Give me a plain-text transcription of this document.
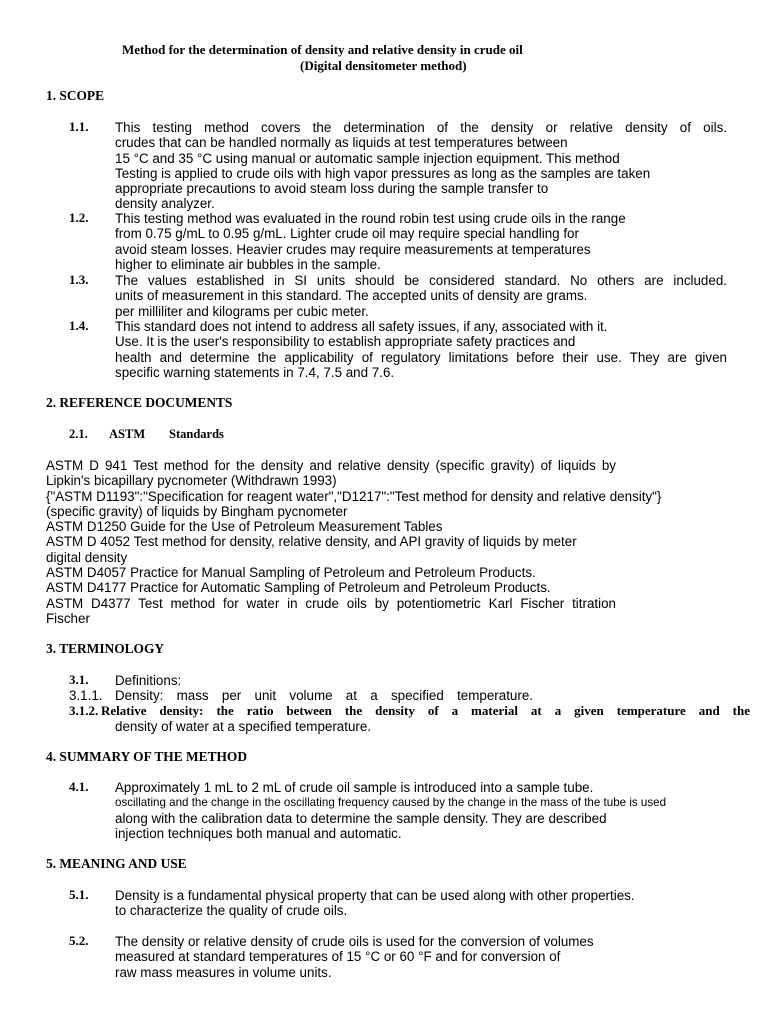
Method for the determination of density and relative density in crude oil
(Digital densitometer method)
1. SCOPE
1.1. This testing method covers the determination of the density or relative density of oils.
crudes that can be handled normally as liquids at test temperatures between
15 °C and 35 °C using manual or automatic sample injection equipment. This method
Testing is applied to crude oils with high vapor pressures as long as the samples are taken
appropriate precautions to avoid steam loss during the sample transfer to
density analyzer.
1.2. This testing method was evaluated in the round robin test using crude oils in the range
from 0.75 g/mL to 0.95 g/mL. Lighter crude oil may require special handling for
avoid steam losses. Heavier crudes may require measurements at temperatures
higher to eliminate air bubbles in the sample.
1.3. The values established in SI units should be considered standard. No others are included.
units of measurement in this standard. The accepted units of density are grams.
per milliliter and kilograms per cubic meter.
1.4. This standard does not intend to address all safety issues, if any, associated with it.
Use. It is the user's responsibility to establish appropriate safety practices and
health and determine the applicability of regulatory limitations before their use. They are given
specific warning statements in 7.4, 7.5 and 7.6.
2. REFERENCE DOCUMENTS
2.1. ASTM Standards
ASTM D 941 Test method for the density and relative density (specific gravity) of liquids by
Lipkin's bicapillary pycnometer (Withdrawn 1993)
{"ASTM D1193":"Specification for reagent water","D1217":"Test method for density and relative density"}
(specific gravity) of liquids by Bingham pycnometer
ASTM D1250 Guide for the Use of Petroleum Measurement Tables
ASTM D 4052 Test method for density, relative density, and API gravity of liquids by meter
digital density
ASTM D4057 Practice for Manual Sampling of Petroleum and Petroleum Products.
ASTM D4177 Practice for Automatic Sampling of Petroleum and Petroleum Products.
ASTM D4377 Test method for water in crude oils by potentiometric Karl Fischer titration
Fischer
3. TERMINOLOGY
3.1. Definitions:
3.1.1. Density: mass per unit volume at a specified temperature.
3.1.2. Relative density: the ratio between the density of a material at a given temperature and the
density of water at a specified temperature.
4. SUMMARY OF THE METHOD
4.1. Approximately 1 mL to 2 mL of crude oil sample is introduced into a sample tube.
oscillating and the change in the oscillating frequency caused by the change in the mass of the tube is used
along with the calibration data to determine the sample density. They are described
injection techniques both manual and automatic.
5. MEANING AND USE
5.1. Density is a fundamental physical property that can be used along with other properties.
to characterize the quality of crude oils.
5.2. The density or relative density of crude oils is used for the conversion of volumes
measured at standard temperatures of 15 °C or 60 °F and for conversion of
raw mass measures in volume units.
